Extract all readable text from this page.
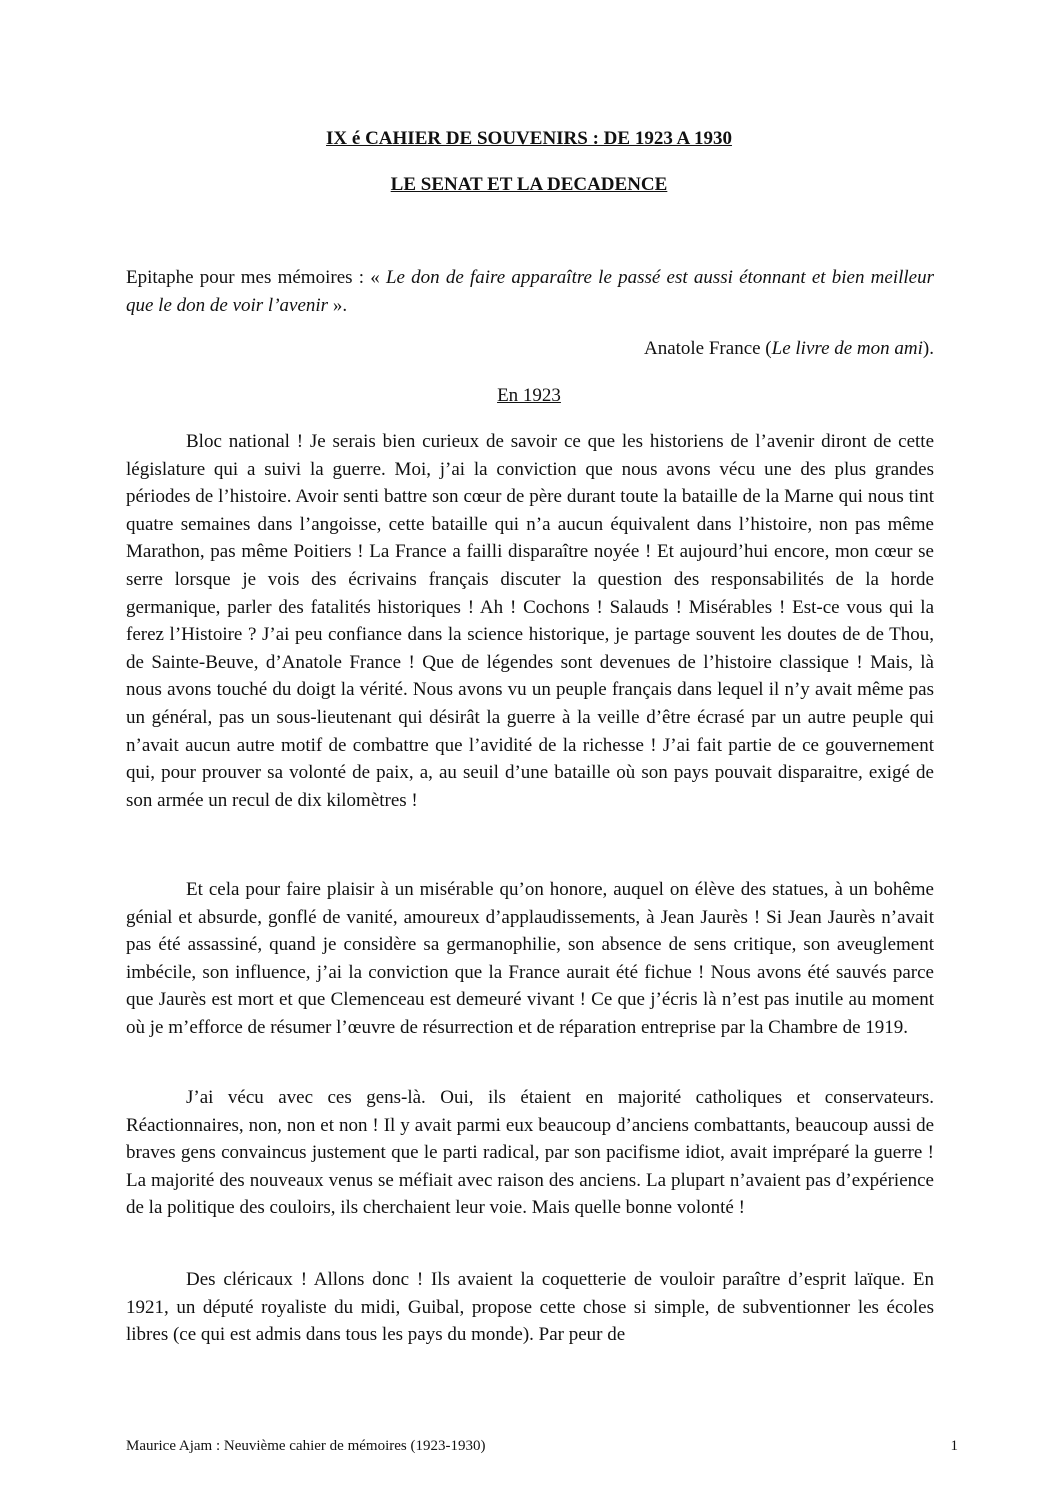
IX é CAHIER DE SOUVENIRS : DE 1923 A 1930
LE SENAT ET LA DECADENCE
Epitaphe pour mes mémoires : « Le don de faire apparaître le passé est aussi étonnant et bien meilleur que le don de voir l’avenir ».
Anatole France (Le livre de mon ami).
En 1923
Bloc national ! Je serais bien curieux de savoir ce que les historiens de l’avenir diront de cette législature qui a suivi la guerre. Moi, j’ai la conviction que nous avons vécu une des plus grandes périodes de l’histoire. Avoir senti battre son cœur de père durant toute la bataille de la Marne qui nous tint quatre semaines dans l’angoisse, cette bataille qui n’a aucun équivalent dans l’histoire, non pas même Marathon, pas même Poitiers ! La France a failli disparaître noyée ! Et aujourd’hui encore, mon cœur se serre lorsque je vois des écrivains français discuter la question des responsabilités de la horde germanique, parler des fatalités historiques ! Ah ! Cochons ! Salauds ! Misérables ! Est-ce vous qui la ferez l’Histoire ? J’ai peu confiance dans la science historique, je partage souvent les doutes de de Thou, de Sainte-Beuve, d’Anatole France ! Que de légendes sont devenues de l’histoire classique ! Mais, là nous avons touché du doigt la vérité. Nous avons vu un peuple français dans lequel il n’y avait même pas un général, pas un sous-lieutenant qui désirât la guerre à la veille d’être écrasé par un autre peuple qui n’avait aucun autre motif de combattre que l’avidité de la richesse ! J’ai fait partie de ce gouvernement qui, pour prouver sa volonté de paix, a, au seuil d’une bataille où son pays pouvait disparaitre, exigé de son armée un recul de dix kilomètres !
Et cela pour faire plaisir à un misérable qu’on honore, auquel on élève des statues, à un bohême génial et absurde, gonflé de vanité, amoureux d’applaudissements, à Jean Jaurès ! Si Jean Jaurès n’avait pas été assassiné, quand je considère sa germanophilie, son absence de sens critique, son aveuglement imbécile, son influence, j’ai la conviction que la France aurait été fichue ! Nous avons été sauvés parce que Jaurès est mort et que Clemenceau est demeuré vivant ! Ce que j’écris là n’est pas inutile au moment où je m’efforce de résumer l’œuvre de résurrection et de réparation entreprise par la Chambre de 1919.
J’ai vécu avec ces gens-là. Oui, ils étaient en majorité catholiques et conservateurs. Réactionnaires, non, non et non ! Il y avait parmi eux beaucoup d’anciens combattants, beaucoup aussi de braves gens convaincus justement que le parti radical, par son pacifisme idiot, avait impréparé la guerre ! La majorité des nouveaux venus se méfiait avec raison des anciens. La plupart n’avaient pas d’expérience de la politique des couloirs, ils cherchaient leur voie. Mais quelle bonne volonté !
Des cléricaux ! Allons donc ! Ils avaient la coquetterie de vouloir paraître d’esprit laïque. En 1921, un député royaliste du midi, Guibal, propose cette chose si simple, de subventionner les écoles libres (ce qui est admis dans tous les pays du monde). Par peur de
Maurice Ajam : Neuvième cahier de mémoires (1923-1930)	1
